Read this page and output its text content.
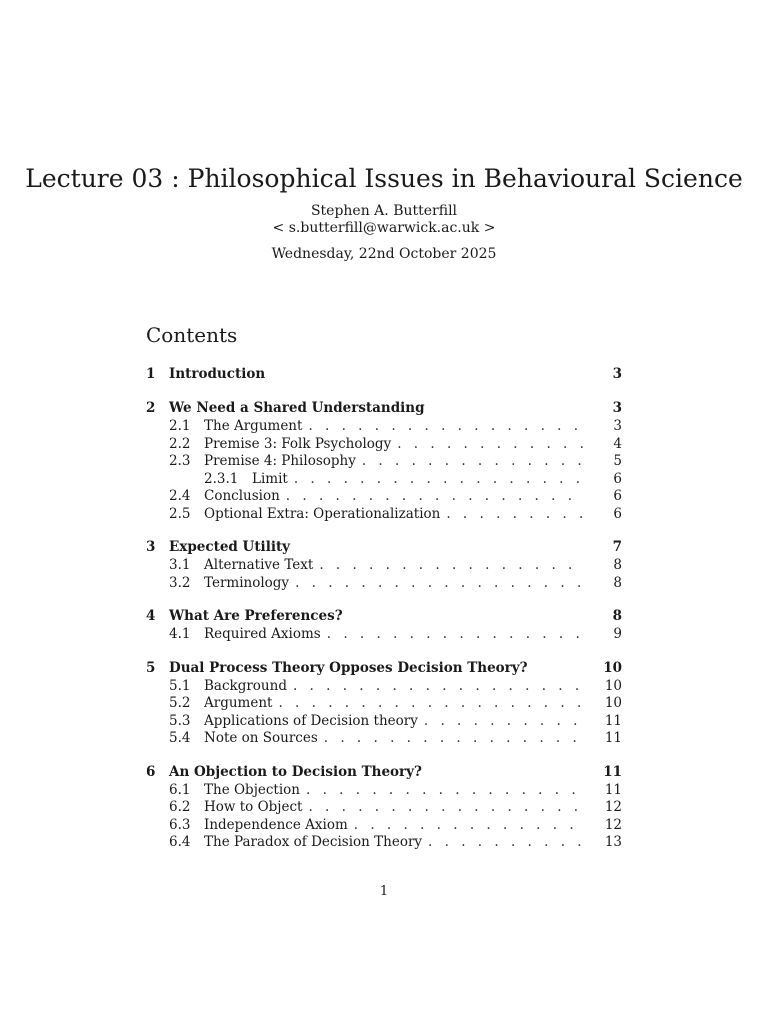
Lecture 03 : Philosophical Issues in Behavioural Science
Stephen A. Butterfill
< s.butterfill@warwick.ac.uk >
Wednesday, 22nd October 2025
Contents
1	Introduction	3
2	We Need a Shared Understanding	3
2.1	The Argument . . .	3
2.2	Premise 3: Folk Psychology . . .	4
2.3	Premise 4: Philosophy . . .	5
2.3.1	Limit . . .	6
2.4	Conclusion . . .	6
2.5	Optional Extra: Operationalization . . .	6
3	Expected Utility	7
3.1	Alternative Text . . .	8
3.2	Terminology . . .	8
4	What Are Preferences?	8
4.1	Required Axioms . . .	9
5	Dual Process Theory Opposes Decision Theory?	10
5.1	Background . . .	10
5.2	Argument . . .	10
5.3	Applications of Decision theory . . .	11
5.4	Note on Sources . . .	11
6	An Objection to Decision Theory?	11
6.1	The Objection . . .	11
6.2	How to Object . . .	12
6.3	Independence Axiom . . .	12
6.4	The Paradox of Decision Theory . . .	13
1
